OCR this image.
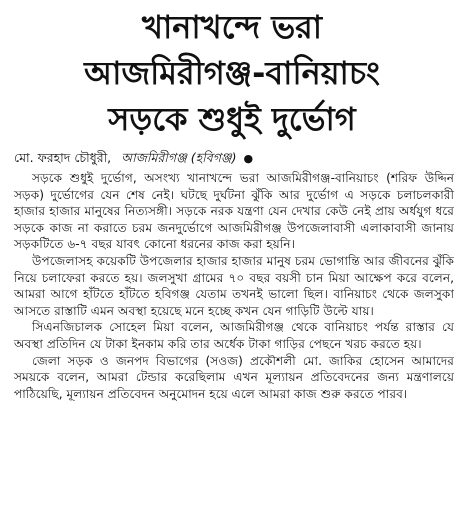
খানাখন্দে ভরা
আজমিরীগঞ্জ-বানিয়াচং
সড়কে শুধুই দুর্ভোগ
মো. ফরহাদ চৌধুরী, আজমিরীগঞ্জ (হবিগঞ্জ) ●

সড়কে শুধুই দুর্ভোগ, অসংখ্য খানাখন্দে ভরা আজমিরীগঞ্জ-বানিয়াচং (শরিফ উদ্দিন সড়ক) দুর্ভোগের যেন শেষ নেই। ঘটছে দুর্ঘটনা ঝুঁকি আর দুর্ভোগ এ সড়কে চলাচলকারী হাজার হাজার মানুষের নিত্যসঙ্গী। সড়কে নরক যন্ত্রণা যেন দেখার কেউ নেই প্রায় অর্ধযুগ ধরে সড়কে কাজ না করাতে চরম জনদুর্ভোগে আজমিরীগঞ্জ উপজেলাবাসী এলাকাবাসী জানায় সড়কটিতে ৬-৭ বছর যাবৎ কোনো ধরনের কাজ করা হয়নি।

উপজেলাসহ কয়েকটি উপজেলার হাজার হাজার মানুষ চরম ভোগান্তি আর জীবনের ঝুঁকি নিয়ে চলাফেরা করতে হয়। জলসুখা গ্রামের ৭০ বছর বয়সী চান মিয়া আক্ষেপ করে বলেন, আমরা আগে হাঁটতে হাঁটতে হবিগঞ্জ যেতাম তখনই ভালো ছিল। বানিয়াচং থেকে জলসুকা আসতে রাস্তাটি এমন অবস্থা হয়েছে মনে হচ্ছে কখন যেন গাড়িটি উল্টে যায়।

সিএনজিচালক সোহেল মিয়া বলেন, আজমিরীগঞ্জ থেকে বানিয়াচং পর্যন্ত রাস্তার যে অবস্থা প্রতিদিন যে টাকা ইনকাম করি তার অর্ধেক টাকা গাড়ির পেছনে খরচ করতে হয়।

জেলা সড়ক ও জনপদ বিভাগের (সওজ) প্রকৌশলী মো. জাকির হোসেন আমাদের সময়কে বলেন, আমরা টেন্ডার করেছিলাম এখন মূল্যায়ন প্রতিবেদনের জন্য মন্ত্রণালয়ে পাঠিয়েছি, মূল্যায়ন প্রতিবেদন অনুমোদন হয়ে এলে আমরা কাজ শুরু করতে পারব।
